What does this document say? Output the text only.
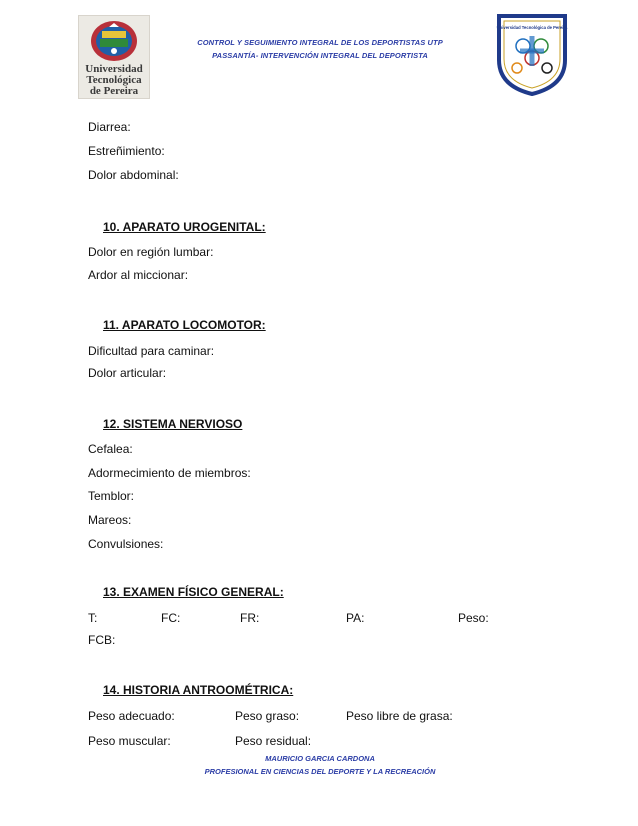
Universidad
Tecnológica
de Pereira
CONTROL Y SEGUIMIENTO INTEGRAL DE LOS DEPORTISTAS UTP
PASSANTÍA- INTERVENCIÓN INTEGRAL DEL DEPORTISTA
Universidad Tecnológica de Pereira
Diarrea:
Estreñimiento:
Dolor abdominal:
10. APARATO UROGENITAL:
Dolor en región lumbar:
Ardor al miccionar:
11. APARATO LOCOMOTOR:
Dificultad para caminar:
Dolor articular:
12. SISTEMA NERVIOSO
Cefalea:
Adormecimiento de miembros:
Temblor:
Mareos:
Convulsiones:
13. EXAMEN FÍSICO GENERAL:
T:	FC:	FR:	PA:	Peso:
FCB:
14. HISTORIA ANTROOMÉTRICA:
Peso adecuado:	Peso graso:	Peso libre de grasa:
Peso muscular:	Peso residual:
MAURICIO GARCIA CARDONA
PROFESIONAL EN CIENCIAS DEL DEPORTE Y LA RECREACIÓN
